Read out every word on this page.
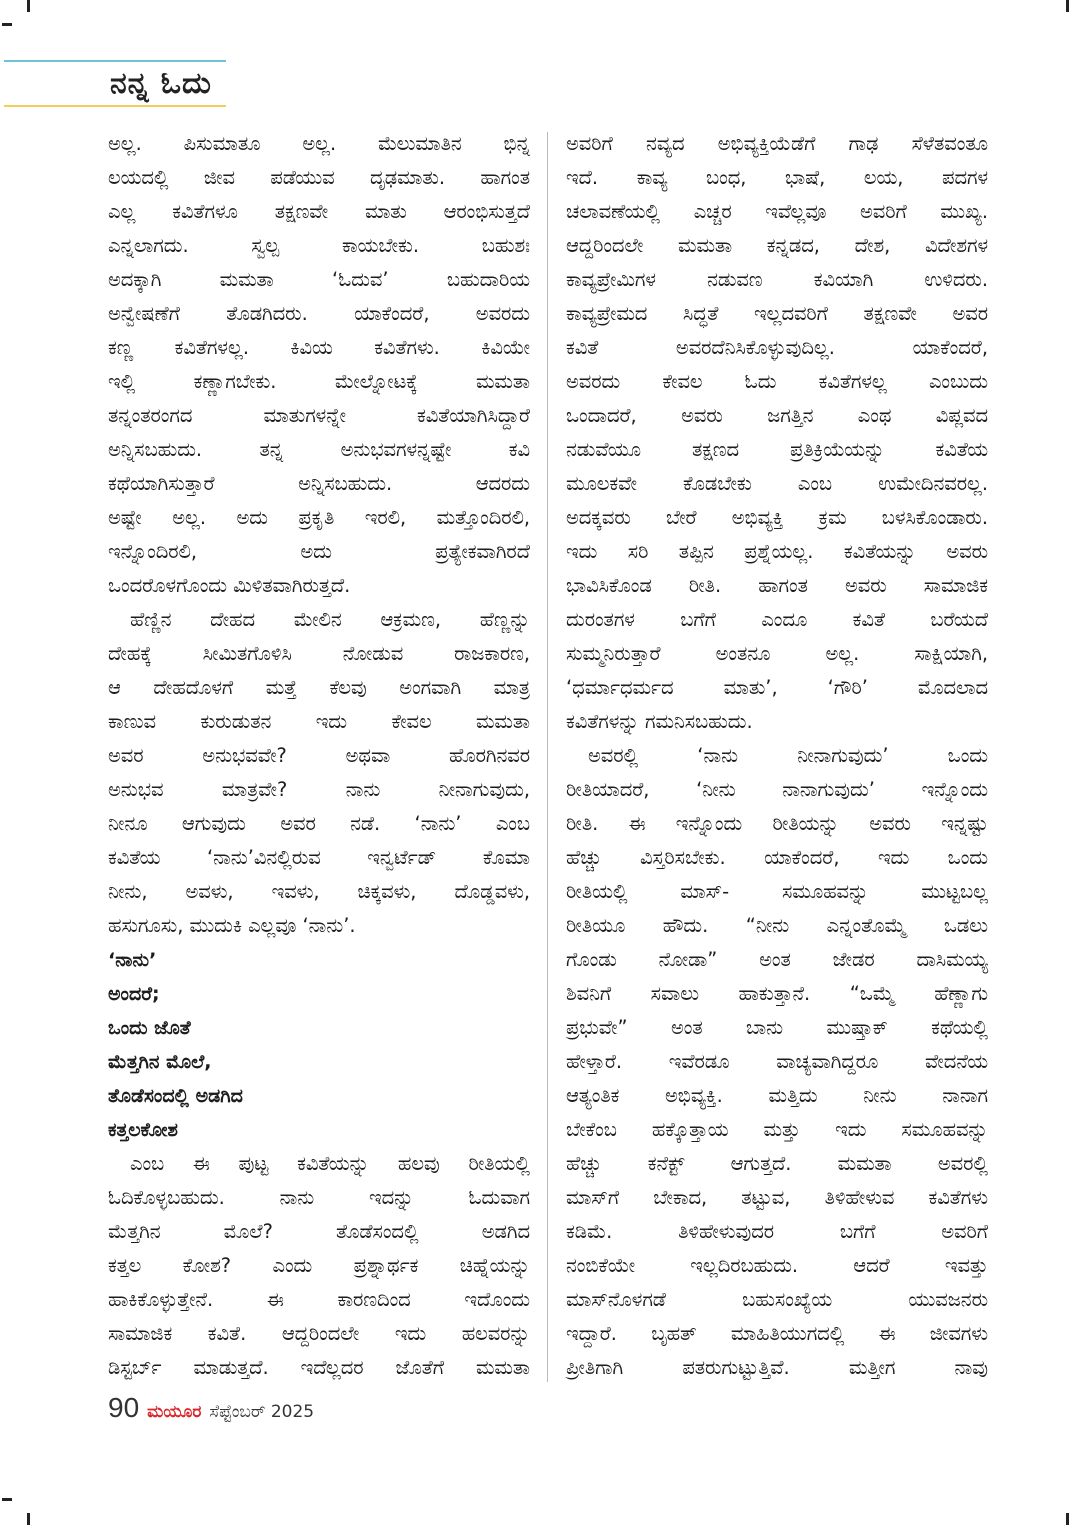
ನನ್ನ ಓದು

ಅಲ್ಲ. ಪಿಸುಮಾತೂ ಅಲ್ಲ. ಮೆಲುಮಾತಿನ ಭಿನ್ನ

ಲಯದಲ್ಲಿ ಜೀವ ಪಡೆಯುವ ದೃಢಮಾತು. ಹಾಗಂತ

ಎಲ್ಲ ಕವಿತೆಗಳೂ ತಕ್ಷಣವೇ ಮಾತು ಆರಂಭಿಸುತ್ತದೆ

ಎನ್ನಲಾಗದು. ಸ್ವಲ್ಪ ಕಾಯಬೇಕು. ಬಹುಶಃ

ಅದಕ್ಕಾಗಿ ಮಮತಾ ‘ಓದುವ’ ಬಹುದಾರಿಯ

ಅನ್ವೇಷಣೆಗೆ ತೊಡಗಿದರು. ಯಾಕೆಂದರೆ, ಅವರದು

ಕಣ್ಣ ಕವಿತೆಗಳಲ್ಲ. ಕಿವಿಯ ಕವಿತೆಗಳು. ಕಿವಿಯೇ

ಇಲ್ಲಿ ಕಣ್ಣಾಗಬೇಕು. ಮೇಲ್ನೋಟಕ್ಕೆ ಮಮತಾ

ತನ್ನಂತರಂಗದ ಮಾತುಗಳನ್ನೇ ಕವಿತೆಯಾಗಿಸಿದ್ದಾರೆ

ಅನ್ನಿಸಬಹುದು. ತನ್ನ ಅನುಭವಗಳನ್ನಷ್ಟೇ ಕವಿ

ಕಥೆಯಾಗಿಸುತ್ತಾರೆ ಅನ್ನಿಸಬಹುದು. ಆದರದು

ಅಷ್ಟೇ ಅಲ್ಲ. ಅದು ಪ್ರಕೃತಿ ಇರಲಿ, ಮತ್ತೊಂದಿರಲಿ,

ಇನ್ನೊಂದಿರಲಿ, ಅದು ಪ್ರತ್ಯೇಕವಾಗಿರದೆ

ಒಂದರೊಳಗೊಂದು ಮಿಳಿತವಾಗಿರುತ್ತದೆ.

ಹೆಣ್ಣಿನ ದೇಹದ ಮೇಲಿನ ಆಕ್ರಮಣ, ಹೆಣ್ಣನ್ನು

ದೇಹಕ್ಕೆ ಸೀಮಿತಗೊಳಿಸಿ ನೋಡುವ ರಾಜಕಾರಣ,

ಆ ದೇಹದೊಳಗೆ ಮತ್ತೆ ಕೆಲವು ಅಂಗವಾಗಿ ಮಾತ್ರ

ಕಾಣುವ ಕುರುಡುತನ ಇದು ಕೇವಲ ಮಮತಾ

ಅವರ ಅನುಭವವೇ? ಅಥವಾ ಹೊರಗಿನವರ

ಅನುಭವ ಮಾತ್ರವೇ? ನಾನು ನೀನಾಗುವುದು,

ನೀನೂ ಆಗುವುದು ಅವರ ನಡೆ. ‘ನಾನು’ ಎಂಬ

ಕವಿತೆಯ ‘ನಾನು’ವಿನಲ್ಲಿರುವ ಇನ್ವರ್ಟೆಡ್ ಕೊಮಾ

ನೀನು, ಅವಳು, ಇವಳು, ಚಿಕ್ಕವಳು, ದೊಡ್ಡವಳು,

ಹಸುಗೂಸು, ಮುದುಕಿ ಎಲ್ಲವೂ ‘ನಾನು’.

‘ನಾನು’

ಅಂದರೆ;

ಒಂದು ಜೊತೆ

ಮೆತ್ತಗಿನ ಮೊಲೆ,

ತೊಡೆಸಂದಲ್ಲಿ ಅಡಗಿದ

ಕತ್ತಲಕೋಶ

ಎಂಬ ಈ ಪುಟ್ಟ ಕವಿತೆಯನ್ನು ಹಲವು ರೀತಿಯಲ್ಲಿ

ಓದಿಕೊಳ್ಳಬಹುದು. ನಾನು ಇದನ್ನು ಓದುವಾಗ

ಮೆತ್ತಗಿನ ಮೊಲೆ? ತೊಡೆಸಂದಲ್ಲಿ ಅಡಗಿದ

ಕತ್ತಲ ಕೋಶ? ಎಂದು ಪ್ರಶ್ನಾರ್ಥಕ ಚಿಹ್ನೆಯನ್ನು

ಹಾಕಿಕೊಳ್ಳುತ್ತೇನೆ. ಈ ಕಾರಣದಿಂದ ಇದೊಂದು

ಸಾಮಾಜಿಕ ಕವಿತೆ. ಆದ್ದರಿಂದಲೇ ಇದು ಹಲವರನ್ನು

ಡಿಸ್ಟರ್ಬ್ ಮಾಡುತ್ತದೆ. ಇದೆಲ್ಲದರ ಜೊತೆಗೆ ಮಮತಾ

ಅವರಿಗೆ ನವ್ಯದ ಅಭಿವ್ಯಕ್ತಿಯೆಡೆಗೆ ಗಾಢ ಸೆಳೆತವಂತೂ

ಇದೆ. ಕಾವ್ಯ ಬಂಧ, ಭಾಷೆ, ಲಯ, ಪದಗಳ

ಚಲಾವಣೆಯಲ್ಲಿ ಎಚ್ಚರ ಇವೆಲ್ಲವೂ ಅವರಿಗೆ ಮುಖ್ಯ.

ಆದ್ದರಿಂದಲೇ ಮಮತಾ ಕನ್ನಡದ, ದೇಶ, ವಿದೇಶಗಳ

ಕಾವ್ಯಪ್ರೇಮಿಗಳ ನಡುವಣ ಕವಿಯಾಗಿ ಉಳಿದರು.

ಕಾವ್ಯಪ್ರೇಮದ ಸಿದ್ಧತೆ ಇಲ್ಲದವರಿಗೆ ತಕ್ಷಣವೇ ಅವರ

ಕವಿತೆ ಅವರದೆನಿಸಿಕೊಳ್ಳುವುದಿಲ್ಲ. ಯಾಕೆಂದರೆ,

ಅವರದು ಕೇವಲ ಓದು ಕವಿತೆಗಳಲ್ಲ ಎಂಬುದು

ಒಂದಾದರೆ, ಅವರು ಜಗತ್ತಿನ ಎಂಥ ವಿಪ್ಲವದ

ನಡುವೆಯೂ ತಕ್ಷಣದ ಪ್ರತಿಕ್ರಿಯೆಯನ್ನು ಕವಿತೆಯ

ಮೂಲಕವೇ ಕೊಡಬೇಕು ಎಂಬ ಉಮೇದಿನವರಲ್ಲ.

ಅದಕ್ಕವರು ಬೇರೆ ಅಭಿವ್ಯಕ್ತಿ ಕ್ರಮ ಬಳಸಿಕೊಂಡಾರು.

ಇದು ಸರಿ ತಪ್ಪಿನ ಪ್ರಶ್ನೆಯಲ್ಲ. ಕವಿತೆಯನ್ನು ಅವರು

ಭಾವಿಸಿಕೊಂಡ ರೀತಿ. ಹಾಗಂತ ಅವರು ಸಾಮಾಜಿಕ

ದುರಂತಗಳ ಬಗೆಗೆ ಎಂದೂ ಕವಿತೆ ಬರೆಯದೆ

ಸುಮ್ಮನಿರುತ್ತಾರೆ ಅಂತನೂ ಅಲ್ಲ. ಸಾಕ್ಷಿಯಾಗಿ,

‘ಧರ್ಮಾಧರ್ಮದ ಮಾತು’, ‘ಗೌರಿ’ ಮೊದಲಾದ

ಕವಿತೆಗಳನ್ನು ಗಮನಿಸಬಹುದು.

ಅವರಲ್ಲಿ ‘ನಾನು ನೀನಾಗುವುದು’ ಒಂದು

ರೀತಿಯಾದರೆ, ‘ನೀನು ನಾನಾಗುವುದು’ ಇನ್ನೊಂದು

ರೀತಿ. ಈ ಇನ್ನೊಂದು ರೀತಿಯನ್ನು ಅವರು ಇನ್ನಷ್ಟು

ಹೆಚ್ಚು ವಿಸ್ತರಿಸಬೇಕು. ಯಾಕೆಂದರೆ, ಇದು ಒಂದು

ರೀತಿಯಲ್ಲಿ ಮಾಸ್- ಸಮೂಹವನ್ನು ಮುಟ್ಟಬಲ್ಲ

ರೀತಿಯೂ ಹೌದು. “ನೀನು ಎನ್ನಂತೊಮ್ಮೆ ಒಡಲು

ಗೊಂಡು ನೋಡಾ” ಅಂತ ಜೇಡರ ದಾಸಿಮಯ್ಯ

ಶಿವನಿಗೆ ಸವಾಲು ಹಾಕುತ್ತಾನೆ. “ಒಮ್ಮೆ ಹೆಣ್ಣಾಗು

ಪ್ರಭುವೇ” ಅಂತ ಬಾನು ಮುಷ್ತಾಕ್ ಕಥೆಯಲ್ಲಿ

ಹೇಳ್ತಾರೆ. ಇವೆರಡೂ ವಾಚ್ಯವಾಗಿದ್ದರೂ ವೇದನೆಯ

ಆತ್ಯಂತಿಕ ಅಭಿವ್ಯಕ್ತಿ. ಮತ್ತಿದು ನೀನು ನಾನಾಗ

ಬೇಕೆಂಬ ಹಕ್ಕೊತ್ತಾಯ ಮತ್ತು ಇದು ಸಮೂಹವನ್ನು

ಹೆಚ್ಚು ಕನೆಕ್ಟ್ ಆಗುತ್ತದೆ. ಮಮತಾ ಅವರಲ್ಲಿ

ಮಾಸ್‌ಗೆ ಬೇಕಾದ, ತಟ್ಟುವ, ತಿಳಿಹೇಳುವ ಕವಿತೆಗಳು

ಕಡಿಮೆ. ತಿಳಿಹೇಳುವುದರ ಬಗೆಗೆ ಅವರಿಗೆ

ನಂಬಿಕೆಯೇ ಇಲ್ಲದಿರಬಹುದು. ಆದರೆ ಇವತ್ತು

ಮಾಸ್‌ನೊಳಗಡೆ ಬಹುಸಂಖ್ಯೆಯ ಯುವಜನರು

ಇದ್ದಾರೆ. ಬೃಹತ್ ಮಾಹಿತಿಯುಗದಲ್ಲಿ ಈ ಜೀವಗಳು

ಪ್ರೀತಿಗಾಗಿ ಪತರುಗುಟ್ಟುತ್ತಿವೆ. ಮತ್ತೀಗ ನಾವು

90 ಮಯೂರ ಸೆಪ್ಟೆಂಬರ್ 2025
